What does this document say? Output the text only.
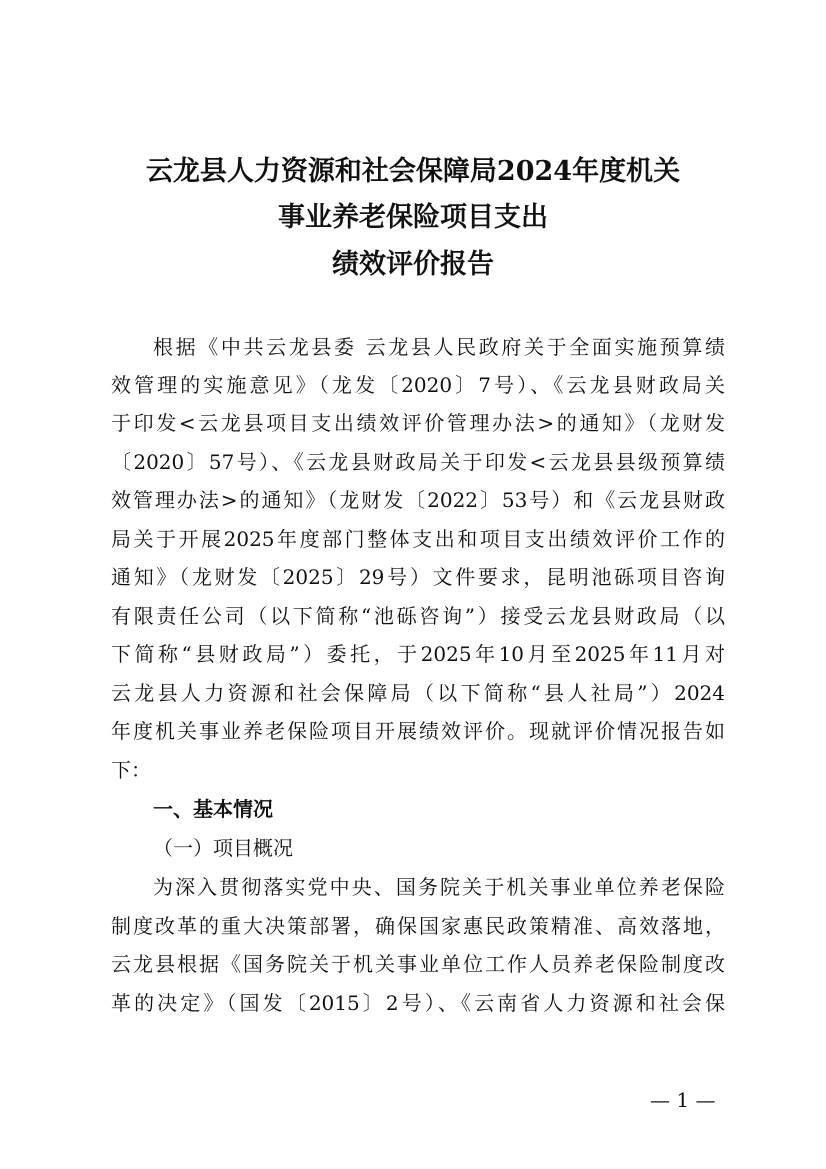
云龙县人力资源和社会保障局2024年度机关
事业养老保险项目支出
绩效评价报告
根据《中共云龙县委 云龙县人民政府关于全面实施预算绩
效管理的实施意见》（龙发〔2020〕7号）、《云龙县财政局关
于印发<云龙县项目支出绩效评价管理办法>的通知》（龙财发
〔2020〕57号）、《云龙县财政局关于印发<云龙县县级预算绩
效管理办法>的通知》（龙财发〔2022〕53号）和《云龙县财政
局关于开展2025年度部门整体支出和项目支出绩效评价工作的
通知》（龙财发〔2025〕29号）文件要求，昆明池砾项目咨询
有限责任公司（以下简称“池砾咨询”）接受云龙县财政局（以
下简称“县财政局”）委托，于2025年10月至2025年11月对
云龙县人力资源和社会保障局（以下简称“县人社局”）2024
年度机关事业养老保险项目开展绩效评价。现就评价情况报告如
下：
一、基本情况
（一）项目概况
为深入贯彻落实党中央、国务院关于机关事业单位养老保险
制度改革的重大决策部署，确保国家惠民政策精准、高效落地，
云龙县根据《国务院关于机关事业单位工作人员养老保险制度改
革的决定》（国发〔2015〕2号）、《云南省人力资源和社会保
— 1 —
